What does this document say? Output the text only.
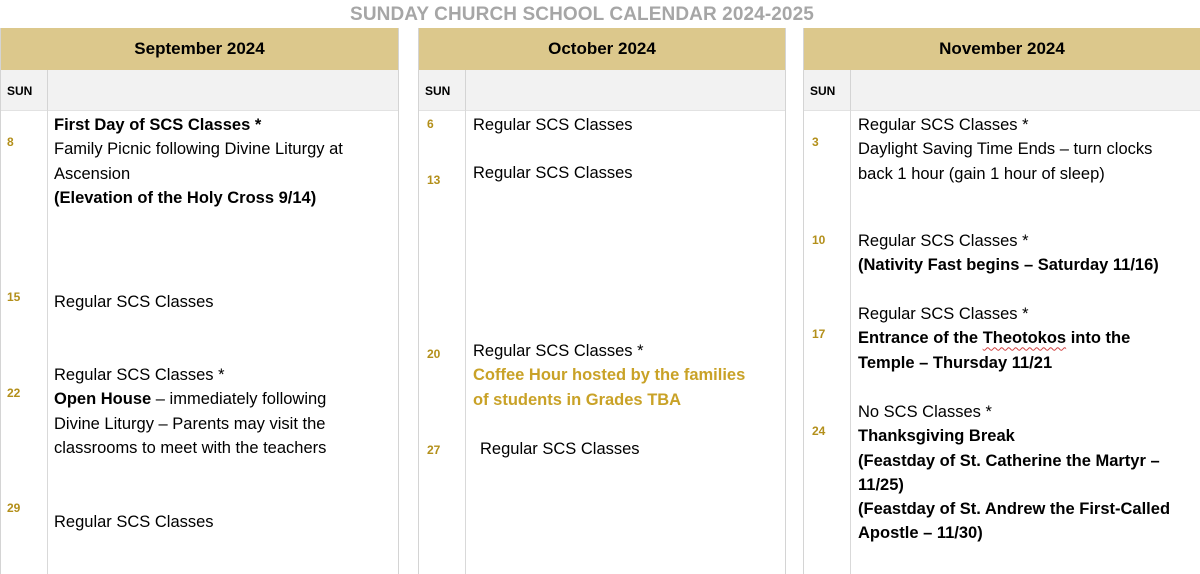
SUNDAY CHURCH SCHOOL CALENDAR 2024-2025
September 2024
SUN
8
First Day of SCS Classes *
Family Picnic following Divine Liturgy at
Ascension
(Elevation of the Holy Cross 9/14)
15 Regular SCS Classes
22
Regular SCS Classes *
Open House – immediately following
Divine Liturgy – Parents may visit the
classrooms to meet with the teachers
29
Regular SCS Classes
October 2024
SUN
6 Regular SCS Classes
13 Regular SCS Classes
20 Regular SCS Classes *
Coffee Hour hosted by the families
of students in Grades TBA
27 Regular SCS Classes
November 2024
SUN
3
Regular SCS Classes *
Daylight Saving Time Ends – turn clocks
back 1 hour (gain 1 hour of sleep)
10 Regular SCS Classes *
(Nativity Fast begins – Saturday 11/16)
17
Regular SCS Classes *
Entrance of the Theotokos into the
Temple – Thursday 11/21
24
No SCS Classes *
Thanksgiving Break
(Feastday of St. Catherine the Martyr –
11/25)
(Feastday of St. Andrew the First-Called
Apostle – 11/30)
